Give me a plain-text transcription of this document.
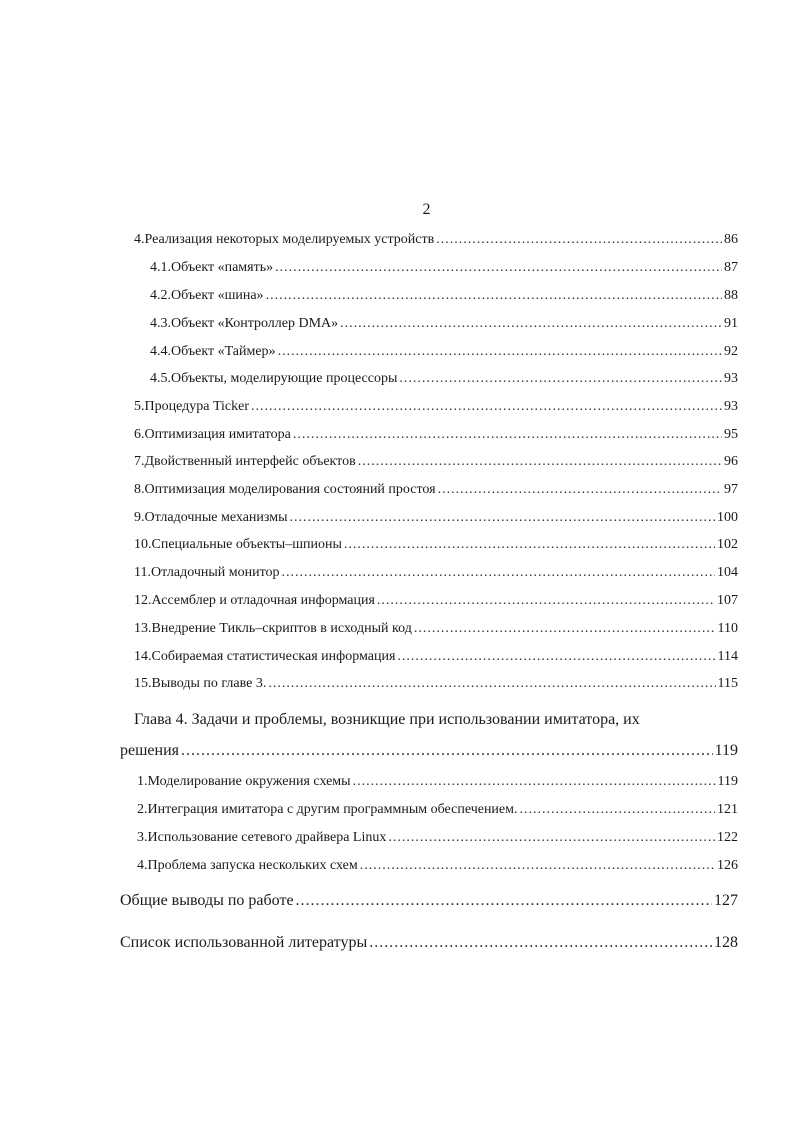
2
4. Реализация некоторых моделируемых устройств .....	86
4.1. Объект «память» .....	87
4.2. Объект «шина» .....	88
4.3. Объект «Контроллер DMA» .....	91
4.4. Объект «Таймер» .....	92
4.5. Объекты, моделирующие процессоры .....	93
5. Процедура Ticker .....	93
6. Оптимизация имитатора .....	95
7. Двойственный интерфейс объектов .....	96
8. Оптимизация моделирования состояний простоя .....	97
9. Отладочные механизмы .....	100
10. Специальные объекты–шпионы .....	102
11. Отладочный монитор .....	104
12. Ассемблер и отладочная информация .....	107
13. Внедрение Тикль–скриптов в исходный код .....	110
14. Собираемая статистическая информация .....	114
15. Выводы по главе 3. .....	115
Глава 4. Задачи и проблемы, возникщие при использовании имитатора, их
решения .....	119
1. Моделирование окружения схемы .....	119
2. Интеграция имитатора с другим программным обеспечением. .....	121
3. Использование сетевого драйвера Linux .....	122
4. Проблема запуска нескольких схем .....	126
Общие выводы по работе .....	127
Список использованной литературы .....	128
